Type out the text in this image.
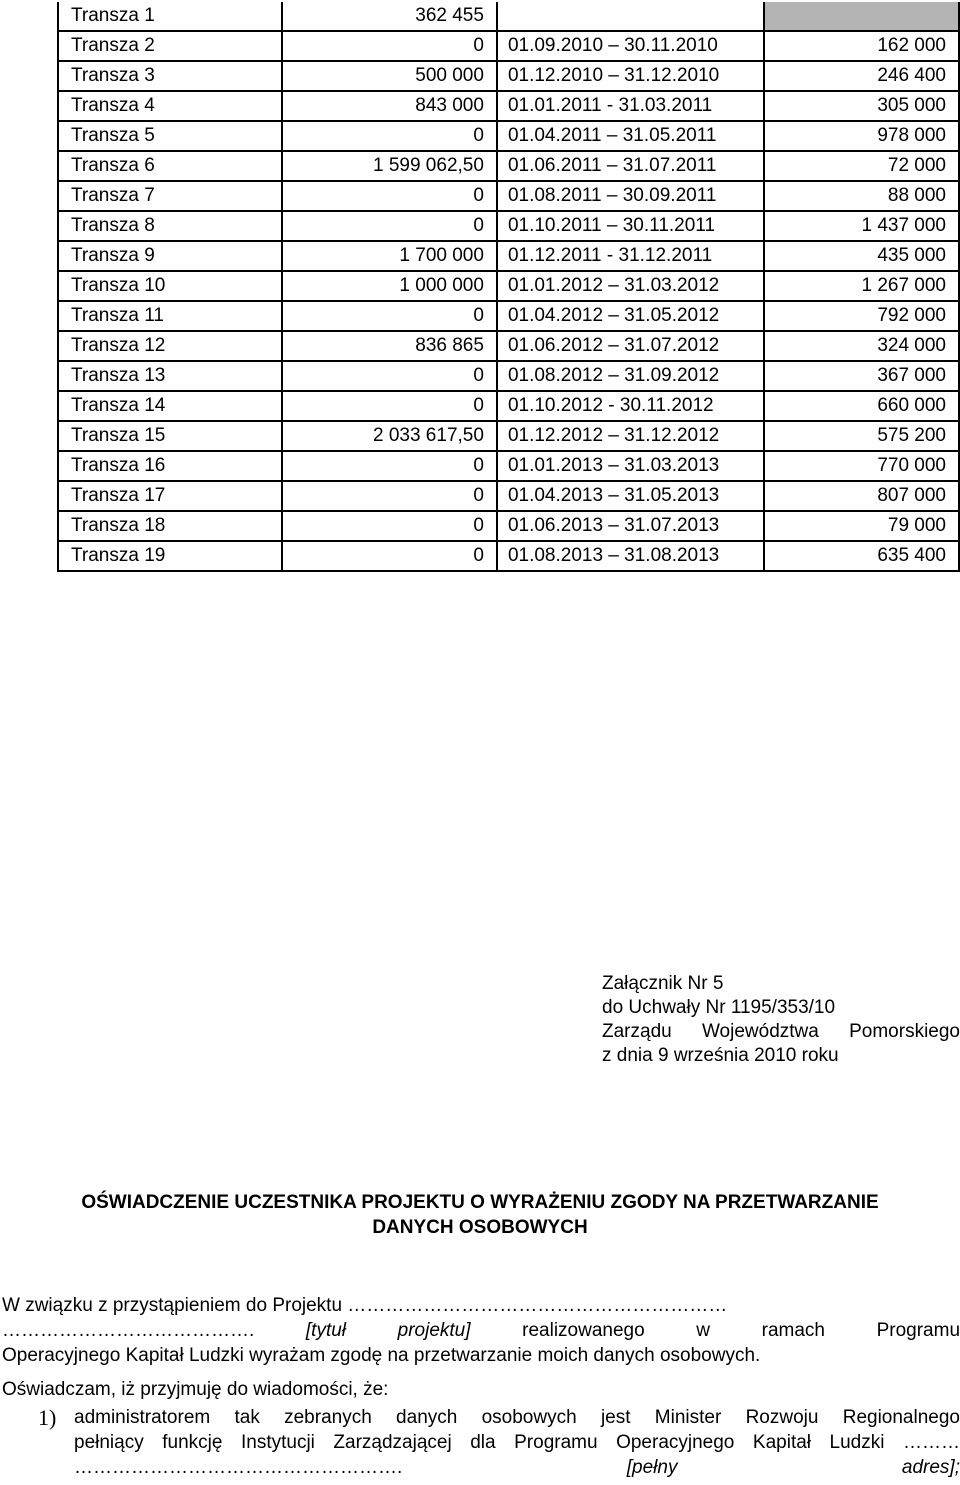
Transza 1	362 455		
Transza 2	0	01.09.2010 – 30.11.2010	162 000
Transza 3	500 000	01.12.2010 – 31.12.2010	246 400
Transza 4	843 000	01.01.2011 - 31.03.2011	305 000
Transza 5	0	01.04.2011 – 31.05.2011	978 000
Transza 6	1 599 062,50	01.06.2011 – 31.07.2011	72 000
Transza 7	0	01.08.2011 – 30.09.2011	88 000
Transza 8	0	01.10.2011 – 30.11.2011	1 437 000
Transza 9	1 700 000	01.12.2011 - 31.12.2011	435 000
Transza 10	1 000 000	01.01.2012 – 31.03.2012	1 267 000
Transza 11	0	01.04.2012 – 31.05.2012	792 000
Transza 12	836 865	01.06.2012 – 31.07.2012	324 000
Transza 13	0	01.08.2012 – 31.09.2012	367 000
Transza 14	0	01.10.2012 - 30.11.2012	660 000
Transza 15	2 033 617,50	01.12.2012 – 31.12.2012	575 200
Transza 16	0	01.01.2013 – 31.03.2013	770 000
Transza 17	0	01.04.2013 – 31.05.2013	807 000
Transza 18	0	01.06.2013 – 31.07.2013	79 000
Transza 19	0	01.08.2013 – 31.08.2013	635 400
Załącznik Nr 5
do Uchwały Nr 1195/353/10
Zarządu Województwa Pomorskiego
z dnia 9 września 2010 roku
OŚWIADCZENIE UCZESTNIKA PROJEKTU O WYRAŻENIU ZGODY NA PRZETWARZANIE
DANYCH OSOBOWYCH
W związku z przystąpieniem do Projektu ……………………………………………………
………………………………….	[tytuł projektu]	realizowanego w ramach Programu
Operacyjnego Kapitał Ludzki wyrażam zgodę na przetwarzanie moich danych osobowych.
Oświadczam, iż przyjmuję do wiadomości, że:
1) administratorem tak zebranych danych osobowych jest Minister Rozwoju Regionalnego
pełniący funkcję Instytucji Zarządzającej dla Programu Operacyjnego Kapitał Ludzki ………
…………………………………………….	[pełny adres];
